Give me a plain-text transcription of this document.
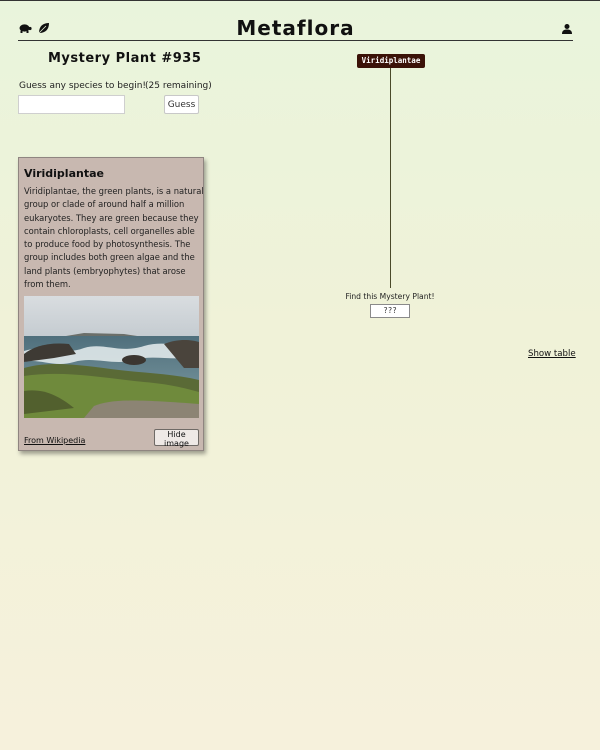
Metaflora
Mystery Plant #935
Guess any species to begin!
(25 remaining)
Guess
Viridiplantae
Viridiplantae, the green plants, is a natural group or clade of around half a million eukaryotes. They are green because they contain chloroplasts, cell organelles able to produce food by photosynthesis. The group includes both green algae and the land plants (embryophytes) that arose from them.
From Wikipedia
Hide image
Viridiplantae
Find this Mystery Plant!
???
Show table
